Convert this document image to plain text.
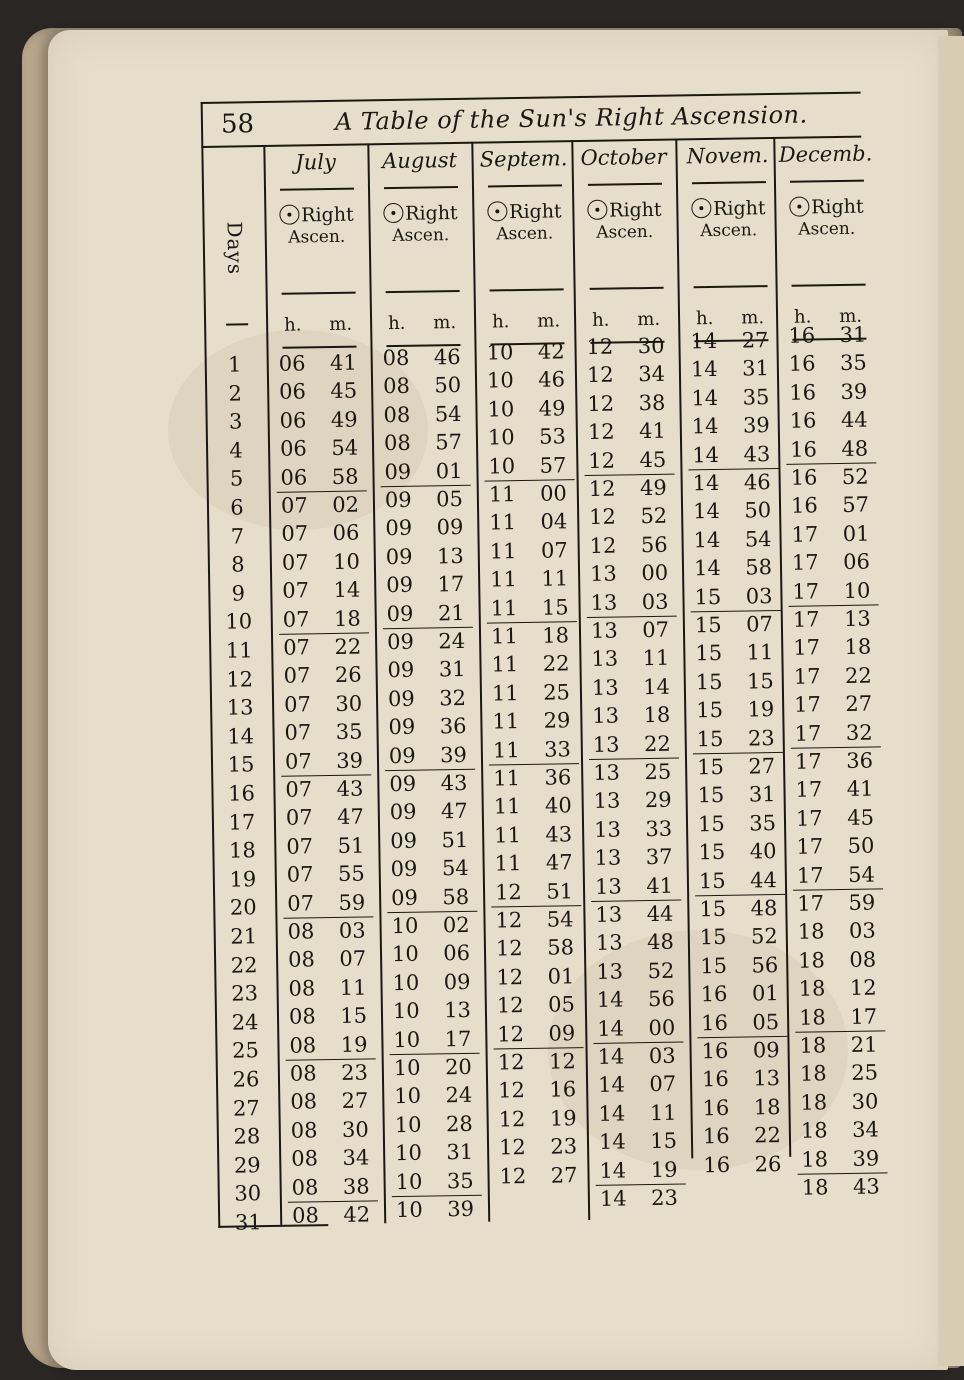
58	A Table of the Sun's Right Ascension.
Days
1
2
3
4
5
6
7
8
9
10
11
12
13
14
15
16
17
18
19
20
21
22
23
24
25
26
27
28
29
30
31
July
Right
Ascen.
h. m.
06 41
06 45
06 49
06 54
06 58
07 02
07 06
07 10
07 14
07 18
07 22
07 26
07 30
07 35
07 39
07 43
07 47
07 51
07 55
07 59
08 03
08 07
08 11
08 15
08 19
08 23
08 27
08 30
08 34
08 38
08 42
August
Right
Ascen.
h. m.
08 46
08 50
08 54
08 57
09 01
09 05
09 09
09 13
09 17
09 21
09 24
09 31
09 32
09 36
09 39
09 43
09 47
09 51
09 54
09 58
10 02
10 06
10 09
10 13
10 17
10 20
10 24
10 28
10 31
10 35
10 39
Septem.
Right
Ascen.
h. m.
10 42
10 46
10 49
10 53
10 57
11 00
11 04
11 07
11 11
11 15
11 18
11 22
11 25
11 29
11 33
11 36
11 40
11 43
11 47
12 51
12 54
12 58
12 01
12 05
12 09
12 12
12 16
12 19
12 23
12 27
October
Right
Ascen.
h. m.
12 30
12 34
12 38
12 41
12 45
12 49
12 52
12 56
13 00
13 03
13 07
13 11
13 14
13 18
13 22
13 25
13 29
13 33
13 37
13 41
13 44
13 48
13 52
14 56
14 00
14 03
14 07
14 11
14 15
14 19
14 23
Novem.
Right
Ascen.
h. m.
14 27
14 31
14 35
14 39
14 43
14 46
14 50
14 54
14 58
15 03
15 07
15 11
15 15
15 19
15 23
15 27
15 31
15 35
15 40
15 44
15 48
15 52
15 56
16 01
16 05
16 09
16 13
16 18
16 22
16 26
Decemb.
Right
Ascen.
h. m.
16 31
16 35
16 39
16 44
16 48
16 52
16 57
17 01
17 06
17 10
17 13
17 18
17 22
17 27
17 32
17 36
17 41
17 45
17 50
17 54
17 59
18 03
18 08
18 12
18 17
18 21
18 25
18 30
18 34
18 39
18 43
